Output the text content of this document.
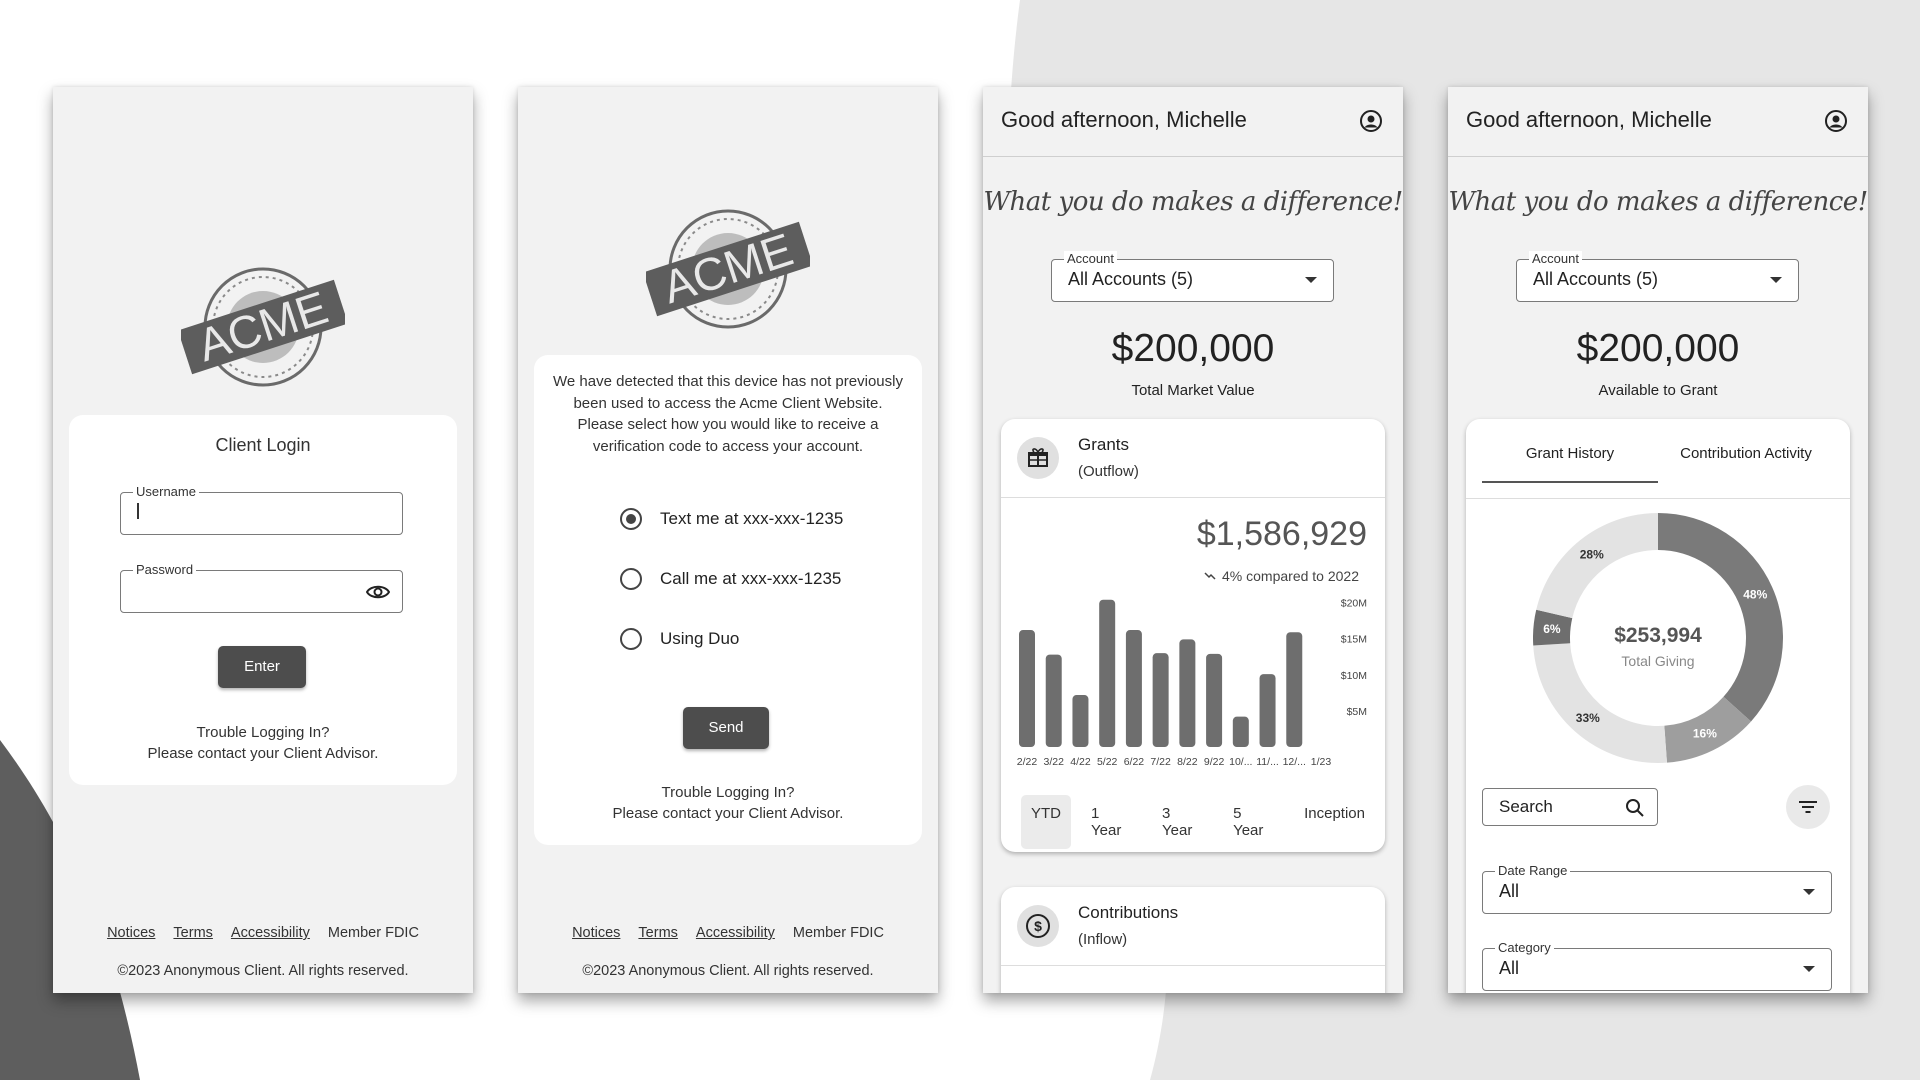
ACME
Client Login
Username
Password
Enter
Trouble Logging In?
Please contact your Client Advisor.
Notices Terms Accessibility Member FDIC
©2023 Anonymous Client. All rights reserved.
ACME
We have detected that this device has not previously been used to access the Acme Client Website. Please select how you would like to receive a verification code to access your account.
Text me at xxx-xxx-1235
Call me at xxx-xxx-1235
Using Duo
Send
Trouble Logging In?
Please contact your Client Advisor.
Notices Terms Accessibility Member FDIC
©2023 Anonymous Client. All rights reserved.
Good afternoon, Michelle
What you do makes a difference!
Account
All Accounts (5)
$200,000
Total Market Value
Grants
(Outflow)
$1,586,929
4% compared to 2022
2/22 3/22 4/22 5/22 6/22 7/22 8/22 9/22 10/... 11/... 12/... 1/23
$20M
$15M
$10M
$5M
YTD	1 Year
3 Year
5 Year
Inception
$
Contributions
(Inflow)
Good afternoon, Michelle
What you do makes a difference!
Account
All Accounts (5)
$200,000
Available to Grant
Grant History	Contribution Activity
48%
16%
33%
6%
28%
$253,994
Total Giving
Search
Date Range
All
Category
All
